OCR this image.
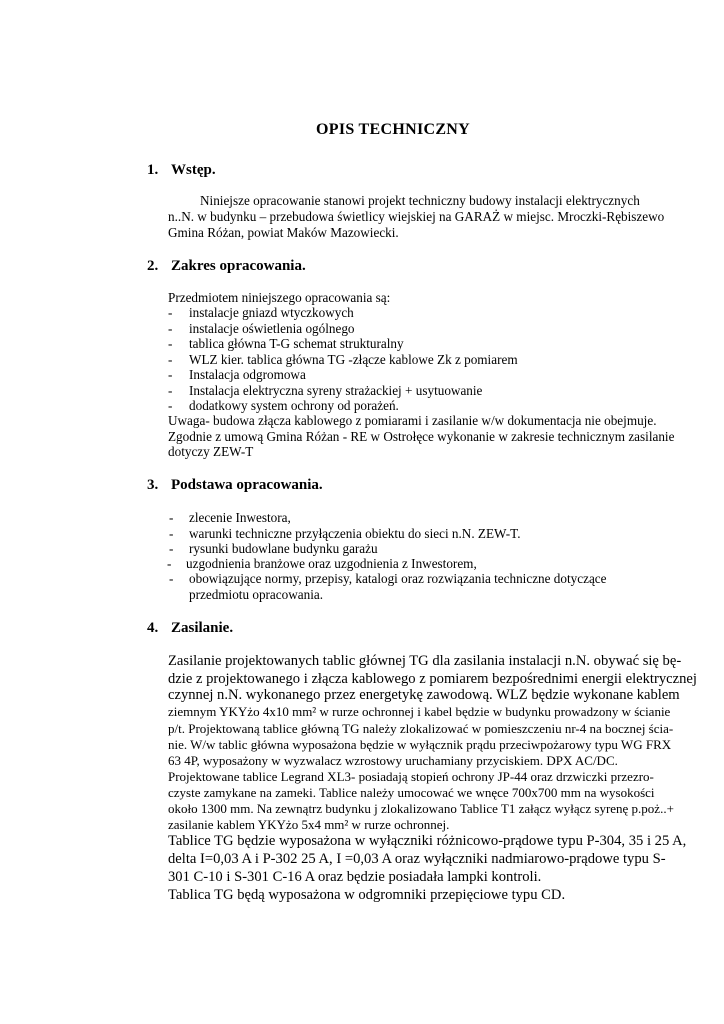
OPIS TECHNICZNY
1. Wstęp.
Niniejsze opracowanie stanowi projekt techniczny budowy instalacji elektrycznych
n..N. w budynku – przebudowa świetlicy wiejskiej na GARAŻ w miejsc. Mroczki-Rębiszewo
Gmina Różan, powiat Maków Mazowiecki.
2. Zakres opracowania.
Przedmiotem niniejszego opracowania są:
- instalacje gniazd wtyczkowych
- instalacje oświetlenia ogólnego
- tablica główna T-G schemat strukturalny
- WLZ kier. tablica główna TG -złącze kablowe Zk z pomiarem
- Instalacja odgromowa
- Instalacja elektryczna syreny strażackiej + usytuowanie
- dodatkowy system ochrony od porażeń.
Uwaga- budowa złącza kablowego z pomiarami i zasilanie w/w dokumentacja nie obejmuje.
Zgodnie z umową Gmina Różan - RE w Ostrołęce wykonanie w zakresie technicznym zasilanie
dotyczy ZEW-T
3. Podstawa opracowania.
- zlecenie Inwestora,
- warunki techniczne przyłączenia obiektu do sieci n.N. ZEW-T.
- rysunki budowlane budynku garażu
- uzgodnienia branżowe oraz uzgodnienia z Inwestorem,
- obowiązujące normy, przepisy, katalogi oraz rozwiązania techniczne dotyczące
przedmiotu opracowania.
4. Zasilanie.
Zasilanie projektowanych tablic głównej TG dla zasilania instalacji n.N. obywać się bę-
dzie z projektowanego i złącza kablowego z pomiarem bezpośrednimi energii elektrycznej
czynnej n.N. wykonanego przez energetykę zawodową. WLZ będzie wykonane kablem
ziemnym YKYżo 4x10 mm² w rurze ochronnej i kabel będzie w budynku prowadzony w ścianie
p/t. Projektowaną tablice główną TG należy zlokalizować w pomieszczeniu nr-4 na bocznej ścia-
nie. W/w tablic główna wyposażona będzie w wyłącznik prądu przeciwpożarowy typu WG FRX
63 4P, wyposażony w wyzwalacz wzrostowy uruchamiany przyciskiem. DPX AC/DC.
Projektowane tablice Legrand XL3- posiadają stopień ochrony JP-44 oraz drzwiczki przezro-
czyste zamykane na zameki. Tablice należy umocować we wnęce 700x700 mm na wysokości
około 1300 mm. Na zewnątrz budynku j zlokalizowano Tablice T1 załącz wyłącz syrenę p.poż..+
zasilanie kablem YKYżo 5x4 mm² w rurze ochronnej.
Tablice TG będzie wyposażona w wyłączniki różnicowo-prądowe typu P-304, 35 i 25 A,
delta I=0,03 A i P-302 25 A, I =0,03 A oraz wyłączniki nadmiarowo-prądowe typu S-
301 C-10 i S-301 C-16 A oraz będzie posiadała lampki kontroli.
Tablica TG będą wyposażona w odgromniki przepięciowe typu CD.
